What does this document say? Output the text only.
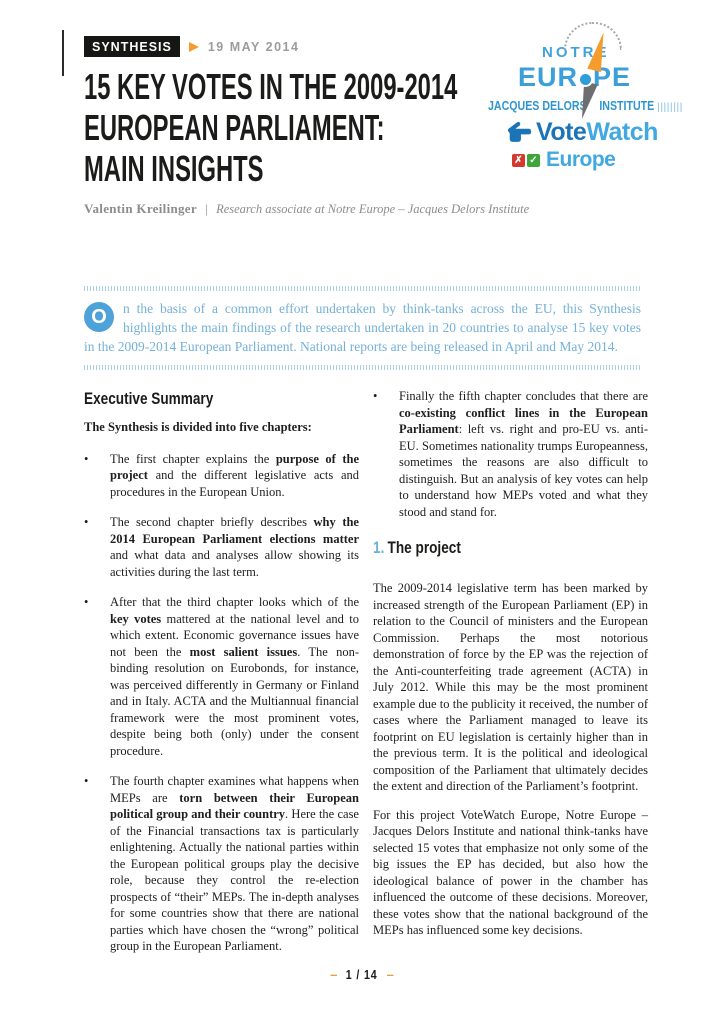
SYNTHESIS	19 MAY 2014
15 KEY VOTES IN THE 2009-2014
EUROPEAN PARLIAMENT:
MAIN INSIGHTS
NOTRE
EUR PE
JACQUES DELORS INSTITUTE ||||||||
Vote Watch
✗ ✓ Europe
Valentin Kreilinger | Research associate at Notre Europe – Jacques Delors Institute
O	n the basis of a common effort undertaken by think-tanks across the EU, this Synthesis highlights the main findings of the research undertaken in 20 countries to analyse 15 key votes in the 2009-2014 European Parliament. National reports are being released in April and May 2014.
Executive Summary

The Synthesis is divided into five chapters:

•	The first chapter explains the purpose of the project and the different legislative acts and procedures in the European Union.
•	The second chapter briefly describes why the 2014 European Parliament elections matter and what data and analyses allow showing its activities during the last term.
•	After that the third chapter looks which of the key votes mattered at the national level and to which extent. Economic governance issues have not been the most salient issues. The non-binding resolution on Eurobonds, for instance, was perceived differently in Germany or Finland and in Italy. ACTA and the Multiannual financial framework were the most prominent votes, despite being both (only) under the consent procedure.
•	The fourth chapter examines what happens when MEPs are torn between their European political group and their country. Here the case of the Financial transactions tax is particularly enlightening. Actually the national parties within the European political groups play the decisive role, because they control the re-election prospects of “their” MEPs. The in-depth analyses for some countries show that there are national parties which have chosen the “wrong” political group in the European Parliament.
•	Finally the fifth chapter concludes that there are co-existing conflict lines in the European Parliament: left vs. right and pro-EU vs. anti-EU. Sometimes nationality trumps Europeanness, sometimes the reasons are also difficult to distinguish. But an analysis of key votes can help to understand how MEPs voted and what they stood and stand for.
1. The project

The 2009-2014 legislative term has been marked by increased strength of the European Parliament (EP) in relation to the Council of ministers and the European Commission. Perhaps the most notorious demonstration of force by the EP was the rejection of the Anti-counterfeiting trade agreement (ACTA) in July 2012. While this may be the most prominent example due to the publicity it received, the number of cases where the Parliament managed to leave its footprint on EU legislation is certainly higher than in the previous term. It is the political and ideological composition of the Parliament that ultimately decides the extent and direction of the Parliament’s footprint.

For this project VoteWatch Europe, Notre Europe – Jacques Delors Institute and national think-tanks have selected 15 votes that emphasize not only some of the big issues the EP has decided, but also how the ideological balance of power in the chamber has influenced the outcome of these decisions. Moreover, these votes show that the national background of the MEPs has influenced some key decisions.

– 1 / 14 –
